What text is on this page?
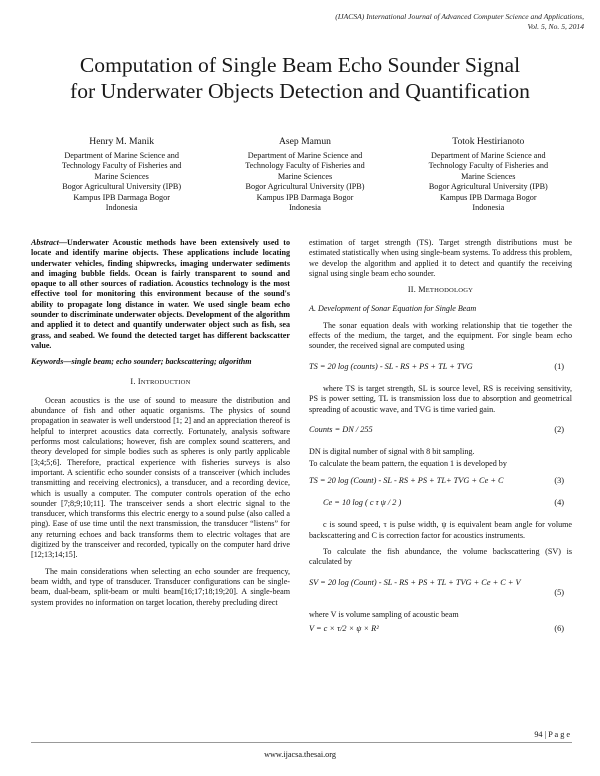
(IJACSA) International Journal of Advanced Computer Science and Applications,
Vol. 5, No. 5, 2014
Computation of Single Beam Echo Sounder Signal
for Underwater Objects Detection and Quantification
Henry M. Manik
Department of Marine Science and
Technology Faculty of Fisheries and
Marine Sciences
Bogor Agricultural University (IPB)
Kampus IPB Darmaga Bogor
Indonesia
Asep Mamun
Department of Marine Science and
Technology Faculty of Fisheries and
Marine Sciences
Bogor Agricultural University (IPB)
Kampus IPB Darmaga Bogor
Indonesia
Totok Hestirianoto
Department of Marine Science and
Technology Faculty of Fisheries and
Marine Sciences
Bogor Agricultural University (IPB)
Kampus IPB Darmaga Bogor
Indonesia

Abstract—Underwater Acoustic methods have been extensively used to locate and identify marine objects. These applications include locating underwater vehicles, finding shipwrecks, imaging underwater sediments and imaging bubble fields. Ocean is fairly transparent to sound and opaque to all other sources of radiation. Acoustics technology is the most effective tool for monitoring this environment because of the sound's ability to propagate long distance in water. We used single beam echo sounder to discriminate underwater objects. Development of the algorithm and applied it to detect and quantify underwater object such as fish, sea grass, and seabed. We found the detected target has different backscatter value.

Keywords—single beam; echo sounder; backscattering; algorithm

I. INTRODUCTION

Ocean acoustics is the use of sound to measure the distribution and abundance of fish and other aquatic organisms. The physics of sound propagation in seawater is well understood [1; 2] and an appreciation thereof is helpful to interpret acoustics data correctly. Fortunately, analysis software performs most calculations; however, fish are complex sound scatterers, and theory developed for simple bodies such as spheres is only partly applicable [3;4;5;6]. Therefore, practical experience with fisheries surveys is also important. A scientific echo sounder consists of a transceiver (which includes transmitting and receiving electronics), a transducer, and a recording device, which is usually a computer. The computer controls operation of the echo sounder [7;8;9;10;11]. The transceiver sends a short electric signal to the transducer, which transforms this electric energy to a sound pulse (also called a ping). Ease of use time until the next transmission, the transducer “listens” for any returning echoes and back transforms them to electric voltages that are digitized by the transceiver and recorded, typically on the computer hard drive [12;13;14;15].

The main considerations when selecting an echo sounder are frequency, beam width, and type of transducer. Transducer configurations can be single-beam, dual-beam, split-beam or multi beam[16;17;18;19;20]. A single-beam system provides no information on target location, thereby precluding direct

estimation of target strength (TS). Target strength distributions must be estimated statistically when using single-beam systems. To address this problem, we develop the algorithm and applied it to detect and quantify the receiving signal using single beam echo sounder.

II. METHODOLOGY
A. Development of Sonar Equation for Single Beam

The sonar equation deals with working relationship that tie together the effects of the medium, the target, and the equipment. For single beam echo sounder, the received signal are computed using

TS = 20 log (counts) - SL - RS + PS + TL + TVG	(1)

where TS is target strength, SL is source level, RS is receiving sensitivity, PS is power setting, TL is transmission loss due to absorption and geometrical spreading of acoustic wave, and TVG is time varied gain.

Counts = DN / 255	(2)

DN is digital number of signal with 8 bit sampling.

To calculate the beam pattern, the equation 1 is developed by

TS = 20 log (Count) - SL - RS + PS + TL+ TVG + Ce + C	(3)
Ce = 10 log ( c τ ψ / 2 )	(4)

c is sound speed, τ is pulse width, ψ is equivalent beam angle for volume backscattering and C is correction factor for acoustics instruments.

To calculate the fish abundance, the volume backscattering (SV) is calculated by

SV = 20 log (Count) - SL - RS + PS + TL + TVG + Ce + C + V
(5)

where V is volume sampling of acoustic beam

V = c × τ/2 × ψ × R²	(6)
94 | P a g e
www.ijacsa.thesai.org
